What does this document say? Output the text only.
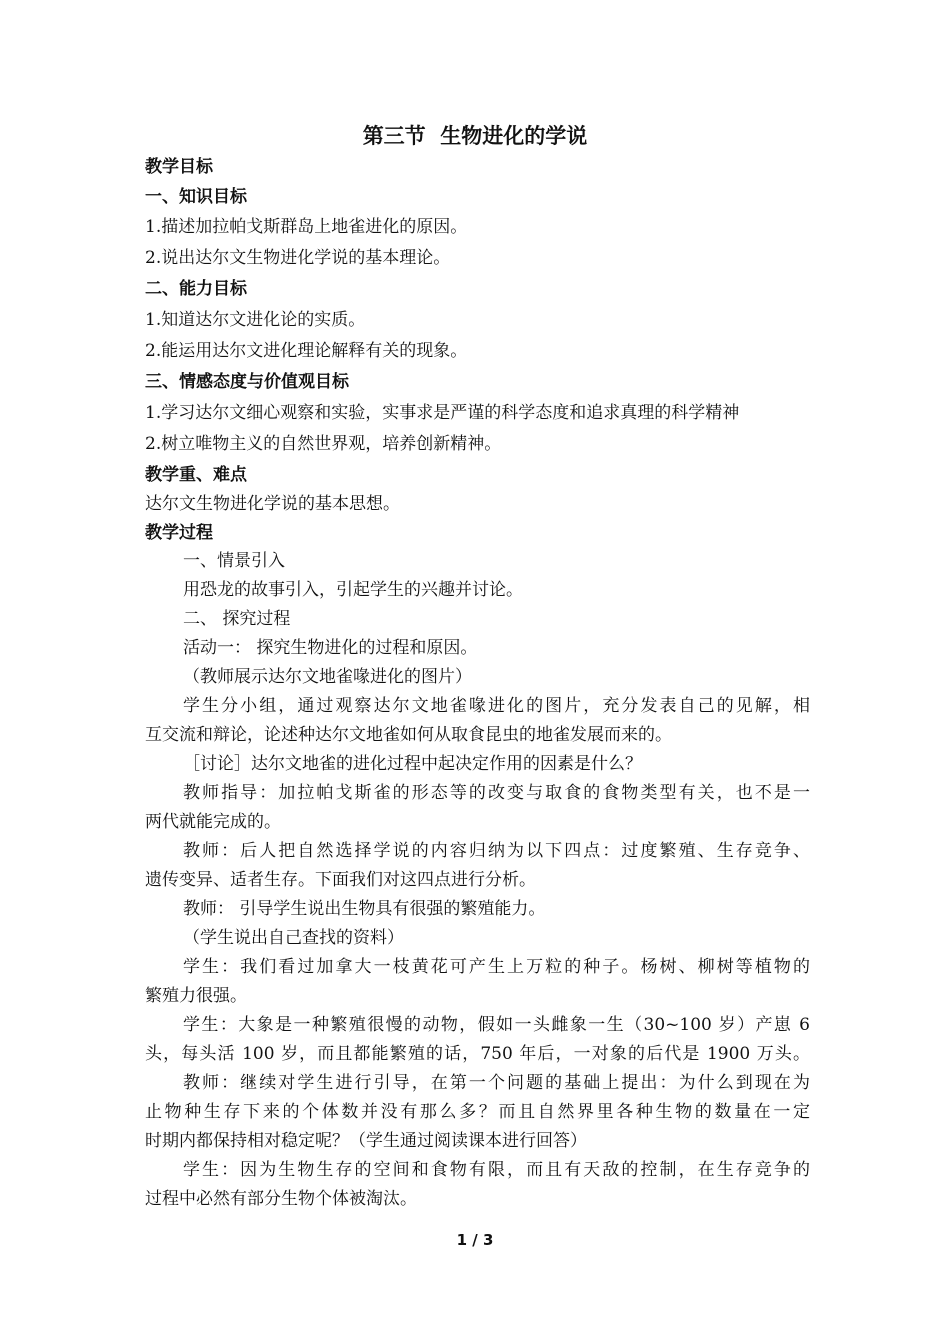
第三节  生物进化的学说
教学目标
一、知识目标
1.描述加拉帕戈斯群岛上地雀进化的原因。
2.说出达尔文生物进化学说的基本理论。
二、能力目标
1.知道达尔文进化论的实质。
2.能运用达尔文进化理论解释有关的现象。
三、情感态度与价值观目标
1.学习达尔文细心观察和实验，实事求是严谨的科学态度和追求真理的科学精神
2.树立唯物主义的自然世界观，培养创新精神。
教学重、难点
达尔文生物进化学说的基本思想。
教学过程
一、情景引入
用恐龙的故事引入，引起学生的兴趣并讨论。
二、 探究过程
活动一： 探究生物进化的过程和原因。
（教师展示达尔文地雀喙进化的图片）
学生分小组，通过观察达尔文地雀喙进化的图片，充分发表自己的见解，相
互交流和辩论，论述种达尔文地雀如何从取食昆虫的地雀发展而来的。
［讨论］达尔文地雀的进化过程中起决定作用的因素是什么？
教师指导：加拉帕戈斯雀的形态等的改变与取食的食物类型有关，也不是一
两代就能完成的。
教师：后人把自然选择学说的内容归纳为以下四点：过度繁殖、生存竞争、
遗传变异、适者生存。下面我们对这四点进行分析。
教师： 引导学生说出生物具有很强的繁殖能力。
（学生说出自己查找的资料）
学生：我们看过加拿大一枝黄花可产生上万粒的种子。杨树、柳树等植物的
繁殖力很强。
学生：大象是一种繁殖很慢的动物，假如一头雌象一生（30~100 岁）产崽 6
头，每头活 100 岁，而且都能繁殖的话，750 年后，一对象的后代是 1900 万头。
教师：继续对学生进行引导，在第一个问题的基础上提出：为什么到现在为
止物种生存下来的个体数并没有那么多？而且自然界里各种生物的数量在一定
时期内都保持相对稳定呢？（学生通过阅读课本进行回答）
学生：因为生物生存的空间和食物有限，而且有天敌的控制，在生存竞争的
过程中必然有部分生物个体被淘汰。
1 / 3
